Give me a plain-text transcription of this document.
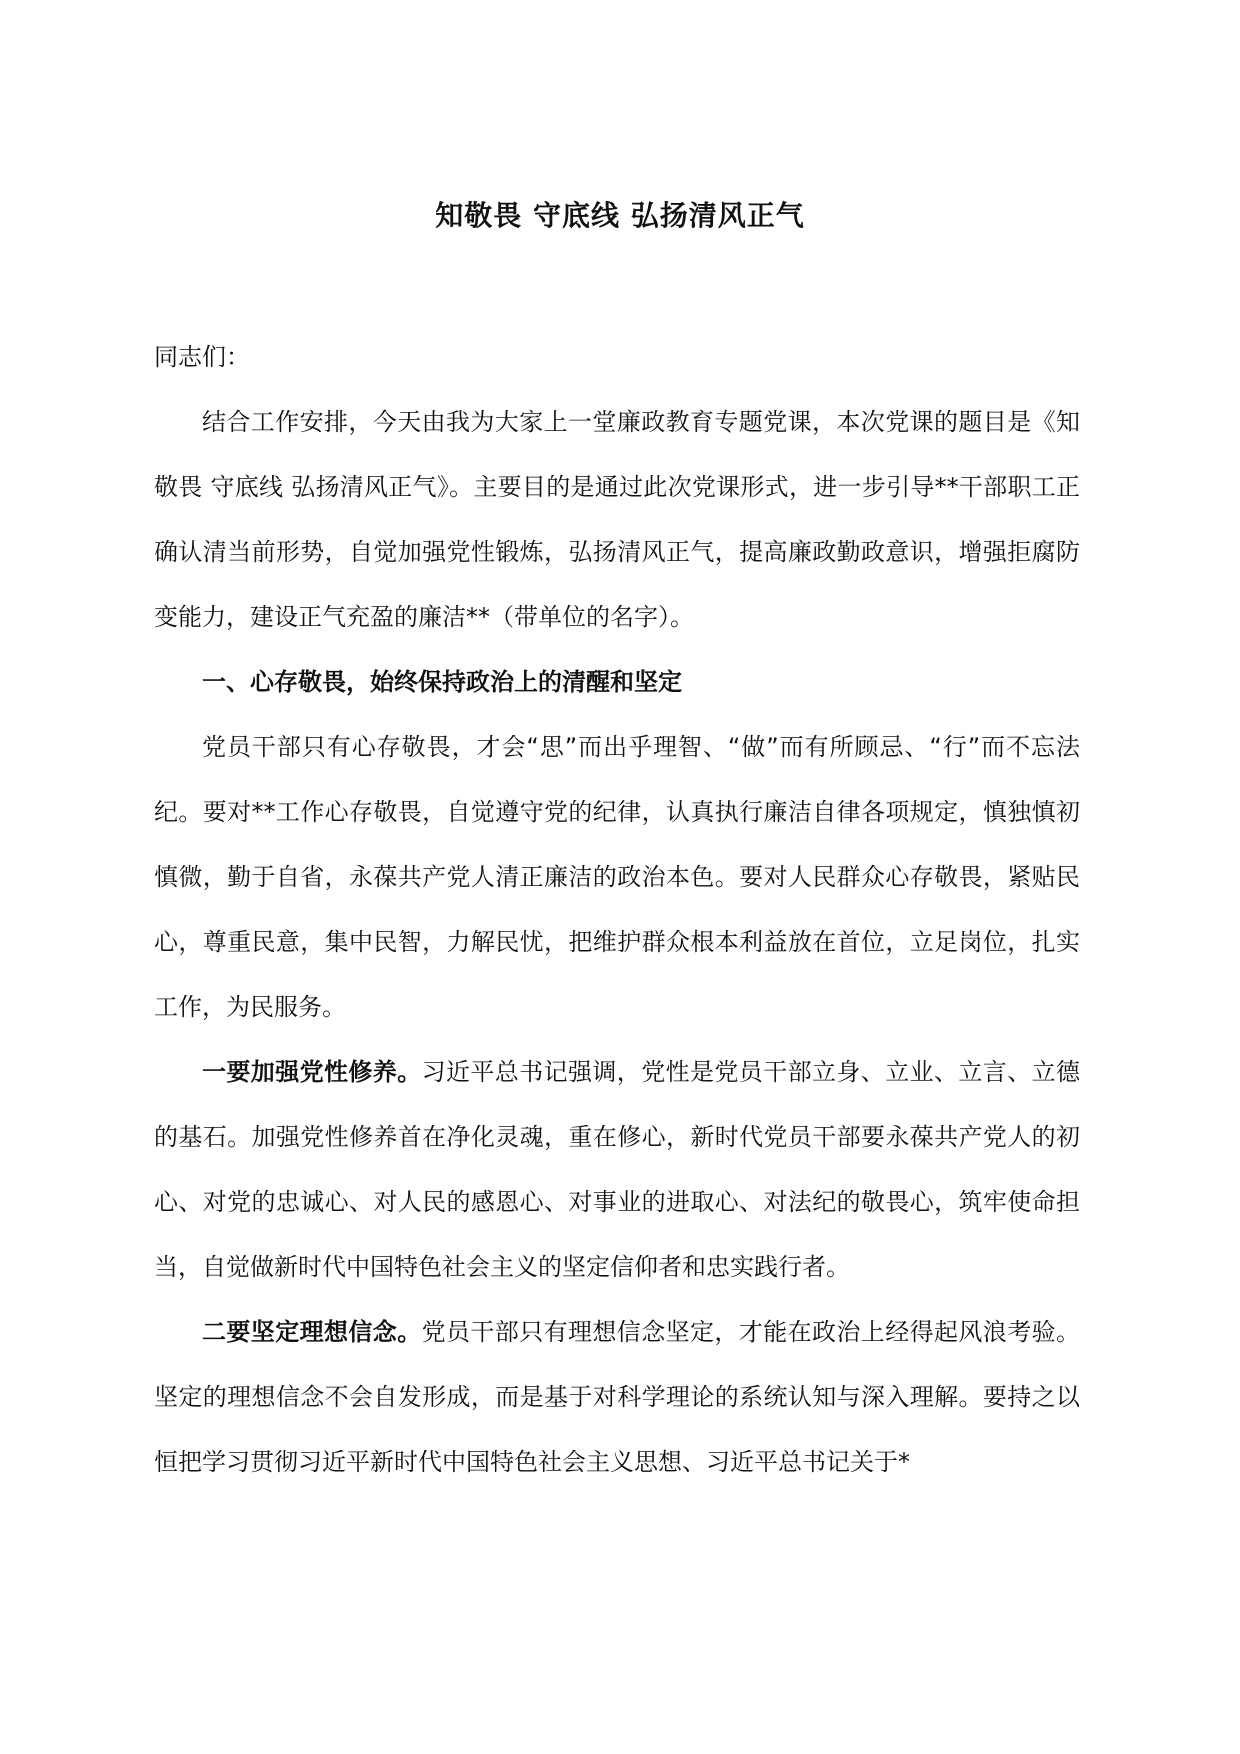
知敬畏 守底线 弘扬清风正气

同志们：

结合工作安排，今天由我为大家上一堂廉政教育专题党课，本次党课的题目是《知敬畏 守底线 弘扬清风正气》。主要目的是通过此次党课形式，进一步引导**干部职工正确认清当前形势，自觉加强党性锻炼，弘扬清风正气，提高廉政勤政意识，增强拒腐防变能力，建设正气充盈的廉洁**（带单位的名字）。

一、心存敬畏，始终保持政治上的清醒和坚定

党员干部只有心存敬畏，才会“思”而出乎理智、“做”而有所顾忌、“行”而不忘法纪。要对**工作心存敬畏，自觉遵守党的纪律，认真执行廉洁自律各项规定，慎独慎初慎微，勤于自省，永葆共产党人清正廉洁的政治本色。要对人民群众心存敬畏，紧贴民心，尊重民意，集中民智，力解民忧，把维护群众根本利益放在首位，立足岗位，扎实工作，为民服务。

一要加强党性修养。习近平总书记强调，党性是党员干部立身、立业、立言、立德的基石。加强党性修养首在净化灵魂，重在修心，新时代党员干部要永葆共产党人的初心、对党的忠诚心、对人民的感恩心、对事业的进取心、对法纪的敬畏心，筑牢使命担当，自觉做新时代中国特色社会主义的坚定信仰者和忠实践行者。

二要坚定理想信念。党员干部只有理想信念坚定，才能在政治上经得起风浪考验。坚定的理想信念不会自发形成，而是基于对科学理论的系统认知与深入理解。要持之以恒把学习贯彻习近平新时代中国特色社会主义思想、习近平总书记关于*
